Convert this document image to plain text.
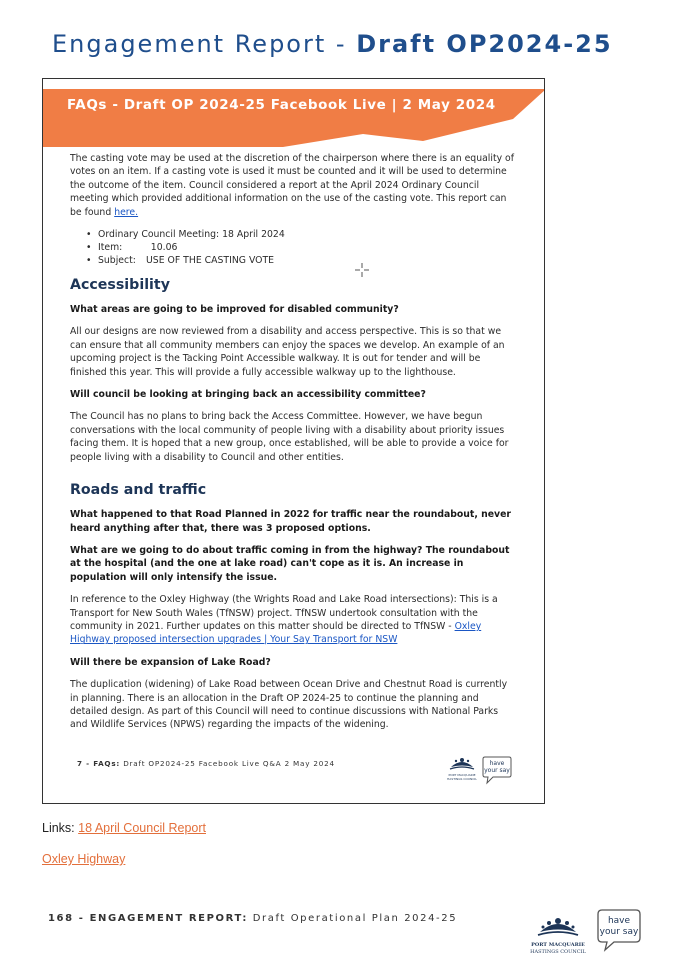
Engagement Report - Draft OP2024-25
FAQs - Draft OP 2024-25 Facebook Live | 2 May 2024

The casting vote may be used at the discretion of the chairperson where there is an equality of votes on an item. If a casting vote is used it must be counted and it will be used to determine the outcome of the item. Council considered a report at the April 2024 Ordinary Council meeting which provided additional information on the use of the casting vote. This report can be found here.

• Ordinary Council Meeting: 18 April 2024
• Item:	10.06
• Subject: USE OF THE CASTING VOTE
Accessibility

What areas are going to be improved for disabled community?

All our designs are now reviewed from a disability and access perspective. This is so that we can ensure that all community members can enjoy the spaces we develop. An example of an upcoming project is the Tacking Point Accessible walkway. It is out for tender and will be finished this year. This will provide a fully accessible walkway up to the lighthouse.

Will council be looking at bringing back an accessibility committee?

The Council has no plans to bring back the Access Committee. However, we have begun conversations with the local community of people living with a disability about priority issues facing them. It is hoped that a new group, once established, will be able to provide a voice for people living with a disability to Council and other entities.

Roads and traffic

What happened to that Road Planned in 2022 for traffic near the roundabout, never heard anything after that, there was 3 proposed options.

What are we going to do about traffic coming in from the highway? The roundabout at the hospital (and the one at lake road) can't cope as it is. An increase in population will only intensify the issue.

In reference to the Oxley Highway (the Wrights Road and Lake Road intersections): This is a Transport for New South Wales (TfNSW) project. TfNSW undertook consultation with the community in 2021. Further updates on this matter should be directed to TfNSW - Oxley Highway proposed intersection upgrades | Your Say Transport for NSW

Will there be expansion of Lake Road?

The duplication (widening) of Lake Road between Ocean Drive and Chestnut Road is currently in planning. There is an allocation in the Draft OP 2024-25 to continue the planning and detailed design. As part of this Council will need to continue discussions with National Parks and Wildlife Services (NPWS) regarding the impacts of the widening.

7 - FAQs: Draft OP2024-25 Facebook Live Q&A 2 May 2024
PORT MACQUARIE
HASTINGS COUNCIL
have
your say
Links: 18 April Council Report
Oxley Highway
168 - ENGAGEMENT REPORT: Draft Operational Plan 2024-25
PORT MACQUARIE
HASTINGS COUNCIL
have
your say
